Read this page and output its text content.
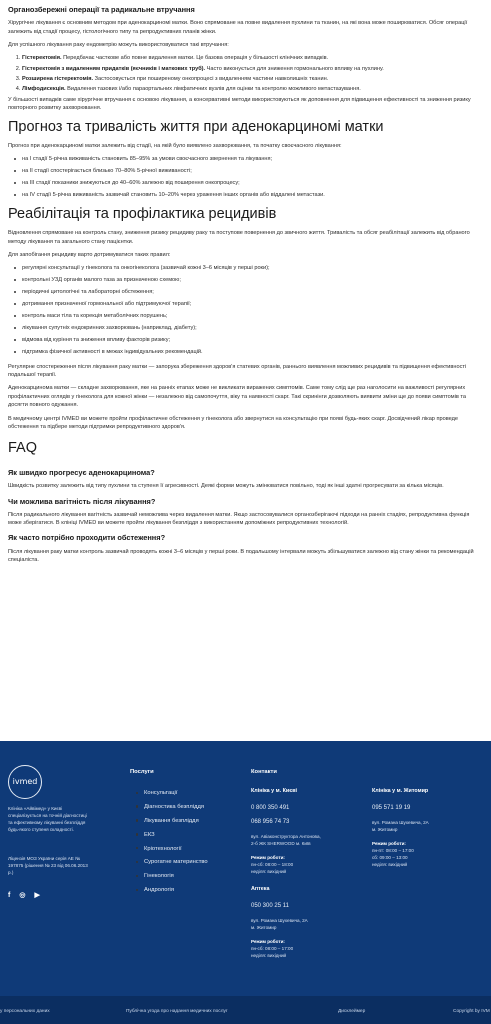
Органозбережні операції та радикальне втручання

Хірургічне лікування є основним методом при аденокарциномі матки. Воно спрямоване на повне видалення пухлини та тканин, на які вона може поширюватися. Обсяг операції залежить від стадії процесу, гістологічного типу та репродуктивних планів жінки.

Для успішного лікування раку ендометрію можуть використовуватися такі втручання:

1. Гістеректомія. Передбачає часткове або повне видалення матки. Це базова операція у більшості клінічних випадків.
2. Гістеректомія з видаленням придатків (яєчників і маткових труб). Часто виконується для зниження гормонального впливу на пухлину.
3. Розширена гістеректомія. Застосовується при поширеному онкопроцесі з видаленням частини навколишніх тканин.
4. Лімфодисекція. Видалення тазових і/або параортальних лімфатичних вузлів для оцінки та контролю можливого метастазування.

У більшості випадків саме хірургічне втручання є основою лікування, а консервативні методи використовуються як доповнення для підвищення ефективності та зниження ризику повторного розвитку захворювання.

Прогноз та тривалість життя при аденокарциномі матки

Прогноз при аденокарциномі матки залежить від стадії, на якій було виявлено захворювання, та початку своєчасного лікування:

на I стадії 5-річна виживаність становить 85–95% за умови своєчасного звернення та лікування;
на II стадії спостерігається близько 70–80% 5-річної виживаності;
на III стадії показники знижуються до 40–60% залежно від поширення онкопроцесу;
на IV стадії 5-річна виживаність зазвичай становить 10–20% через ураження інших органів або віддалені метастази.
Реабілітація та профілактика рецидивів

Відновлення спрямоване на контроль стану, зниження ризику рецидиву раку та поступове повернення до звичного життя. Тривалість та обсяг реабілітації залежить від обраного методу лікування та загального стану пацієнтки.

Для запобігання рецидиву варто дотримуватися таких правил:

регулярні консультації у гінеколога та онкогінеколога (зазвичай кожні 3–6 місяців у перші роки);
контрольні УЗД органів малого таза за призначеною схемою;
періодичні цитологічні та лабораторні обстеження;
дотримання призначеної гормональної або підтримуючої терапії;
контроль маси тіла та корекція метаболічних порушень;
лікування супутніх ендокринних захворювань (наприклад, діабету);
відмова від куріння та зниження впливу факторів ризику;
підтримка фізичної активності в межах індивідуальних рекомендацій.

Регулярне спостереження після лікування раку матки — запорука збереження здоров'я статевих органів, раннього виявлення можливих рецидивів та підвищення ефективності подальшої терапії.

Аденокарцинома матки — складне захворювання, яке на ранніх етапах може не викликати виражених симптомів. Саме тому слід ще раз наголосити на важливості регулярних профілактичних оглядів у гінеколога для кожної жінки — незалежно від самопочуття, віку та наявності скарг. Такі скринінги дозволяють виявити зміни ще до появи симптомів та досягти повного одужання.

В медичному центрі IVMED ви можете пройти профілактичне обстеження у гінеколога або звернутися на консультацію при появі будь-яких скарг. Досвідчений лікар проведе обстеження та підбере методи підтримки репродуктивного здоров'я.

FAQ
Як швидко прогресує аденокарцинома?

Швидкість розвитку залежить від типу пухлини та ступеня її агресивності. Деякі форми можуть змінюватися повільно, тоді як інші здатні прогресувати за кілька місяців.

Чи можлива вагітність після лікування?

Після радикального лікування вагітність зазвичай неможлива через видалення матки. Якщо застосовувалися органозберігаючі підходи на ранніх стадіях, репродуктивна функція може зберігатися. В клініці IVMED ви можете пройти лікування безпліддя з використанням допоміжних репродуктивних технологій.

Як часто потрібно проходити обстеження?

Після лікування раку матки контроль зазвичай проводять кожні 3–6 місяців у перші роки. В подальшому інтервали можуть збільшуватися залежно від стану жінки та рекомендацій спеціаліста.

ivmed
Клініка «Айвімед» у Києві спеціалізується на точній діагностиці та ефективному лікуванні безпліддя будь-якого ступеня складності.
Ліцензія МОЗ України серія АЕ № 197875 (рішення № 23 від 06.06.2013 р.)
f ◎ ▶
Послуги
Консультації
Діагностика безпліддя
Лікування безпліддя
ЕКЗ
Кріотехнології
Сурогатне материнство
Гінекологія
Андрологія
Контакти
Клініка у м. Києві
0 800 350 491
068 956 74 73
вул. Авіаконструктора Антонова,
2-б ЖК SHERWOOD м. Київ
Режим роботи:
пн-сб: 08:00 – 18:00
неділя: вихідний
Аптека
050 300 25 11
вул. Романа Шухевича, 2А
м. Житомир
Режим роботи:
пн-сб: 08:00 – 17:00
неділя: вихідний
Клініка у м. Житомир
095 571 19 19
вул. Романа Шухевича, 2А
м. Житомир
Режим роботи:
пн-пт: 08:00 – 17:00
сб: 09:00 – 13:00
неділя: вихідний
у персональних даних	Публічна угода про надання медичних послуг	Дисклеймер	Copyright by IVM
